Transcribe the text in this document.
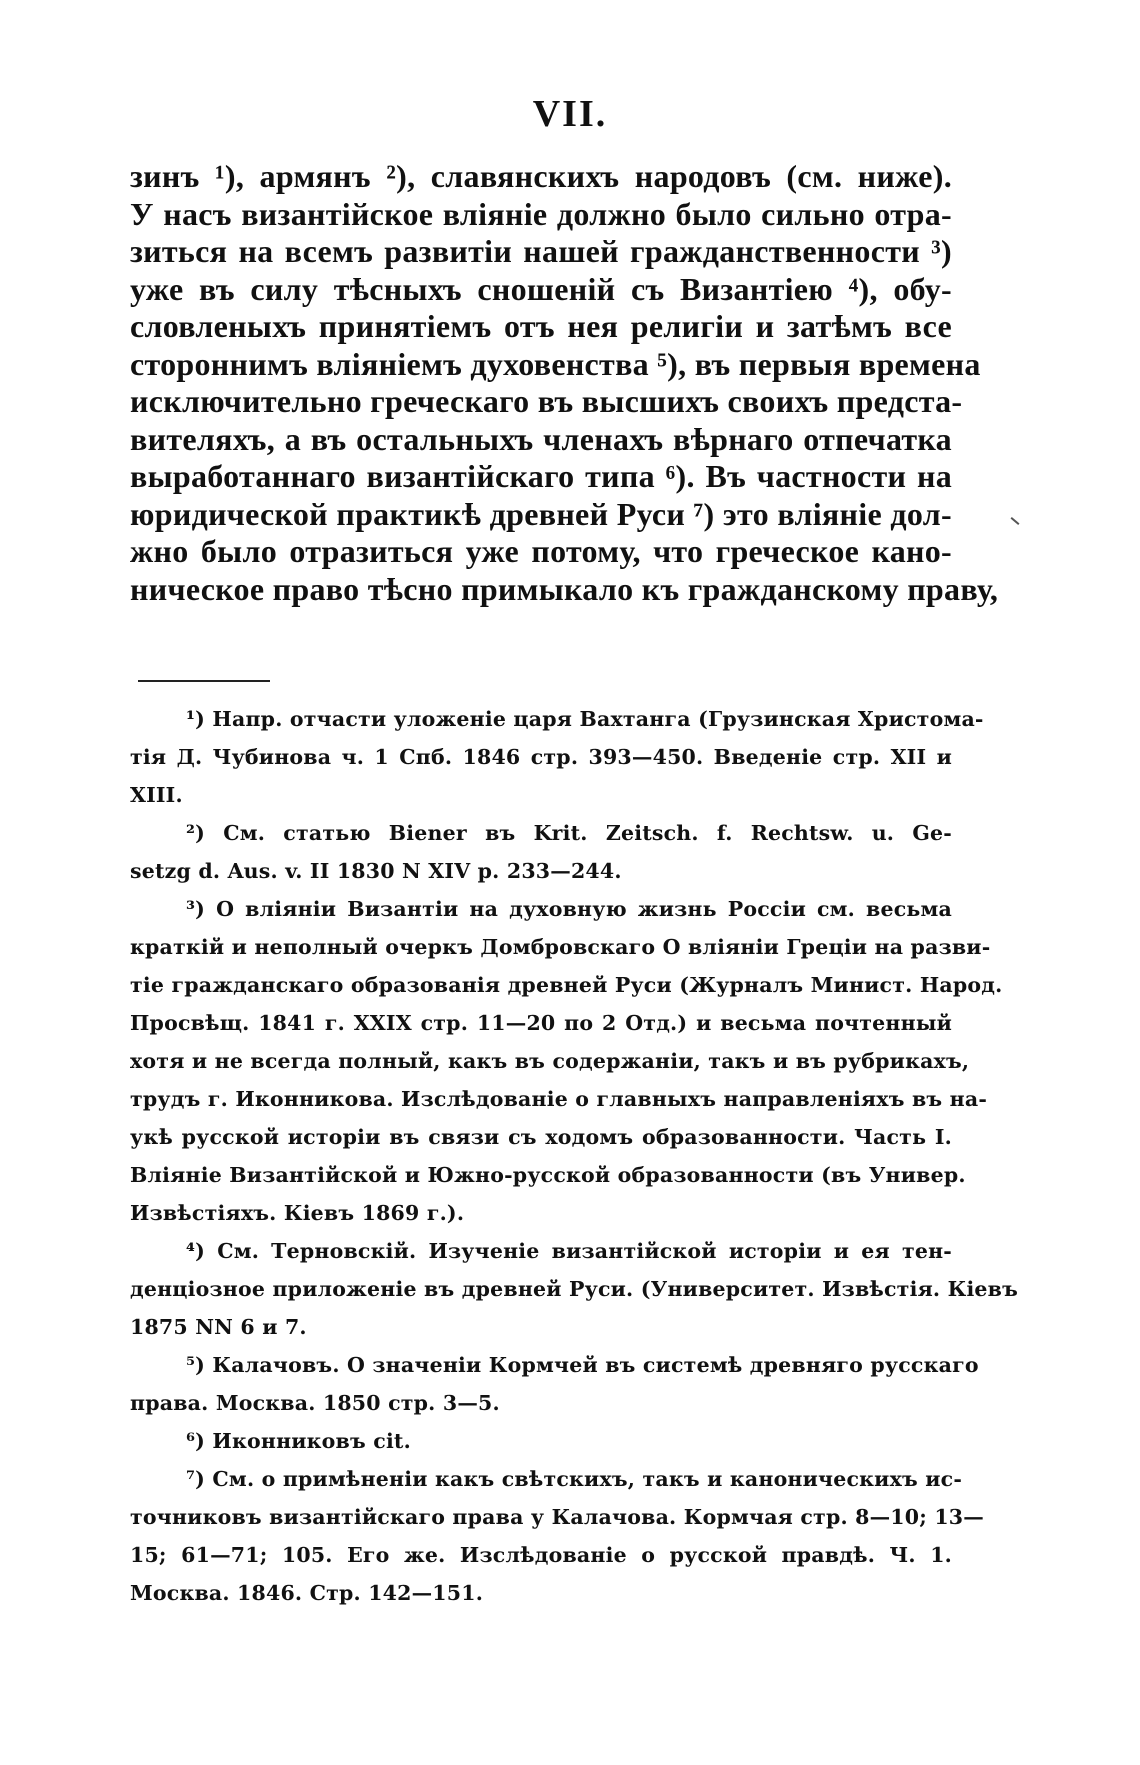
VII.
зинъ ¹), армянъ ²), славянскихъ народовъ (см. ниже).
У насъ византійское вліяніе должно было сильно отра-
зиться на всемъ развитіи нашей гражданственности ³)
уже въ силу тѣсныхъ сношеній съ Византіею ⁴), обу-
словленыхъ принятіемъ отъ нея религіи и затѣмъ все
стороннимъ вліяніемъ духовенства ⁵), въ первыя времена
исключительно греческаго въ высшихъ своихъ предста-
вителяхъ, а въ остальныхъ членахъ вѣрнаго отпечатка
выработаннаго византійскаго типа ⁶). Въ частности на
юридической практикѣ древней Руси ⁷) это вліяніе дол-
жно было отразиться уже потому, что греческое кано-
ническое право тѣсно примыкало къ гражданскому праву,
¹) Напр. отчасти уложеніе царя Вахтанга (Грузинская Христома-
тія Д. Чубинова ч. 1 Спб. 1846 стр. 393—450. Введеніе стр. XII и
XIII.
²) См. статью Biener въ Krit. Zeitsch. f. Rechtsw. u. Ge-
setzg d. Aus. v. II 1830 N XIV p. 233—244.
³) О вліяніи Византіи на духовную жизнь Россіи см. весьма
краткій и неполный очеркъ Домбровскаго О вліяніи Греціи на разви-
тіе гражданскаго образованія древней Руси (Журналъ Минист. Народ.
Просвѣщ. 1841 г. XXIX стр. 11—20 по 2 Отд.) и весьма почтенный
хотя и не всегда полный, какъ въ содержаніи, такъ и въ рубрикахъ,
трудъ г. Иконникова. Изслѣдованіе о главныхъ направленіяхъ въ на-
укѣ русской исторіи въ связи съ ходомъ образованности. Часть I.
Вліяніе Византійской и Южно-русской образованности (въ Универ.
Извѣстіяхъ. Кіевъ 1869 г.).
⁴) См. Терновскій. Изученіе византійской исторіи и ея тен-
денціозное приложеніе въ древней Руси. (Университет. Извѣстія. Кіевъ
1875 NN 6 и 7.
⁵) Калачовъ. О значеніи Кормчей въ системѣ древняго русскаго
права. Москва. 1850 стр. 3—5.
⁶) Иконниковъ cit.
⁷) См. о примѣненіи какъ свѣтскихъ, такъ и каноническихъ ис-
точниковъ византійскаго права у Калачова. Кормчая стр. 8—10; 13—
15; 61—71; 105. Его же. Изслѣдованіе о русской правдѣ. Ч. 1.
Москва. 1846. Стр. 142—151.
